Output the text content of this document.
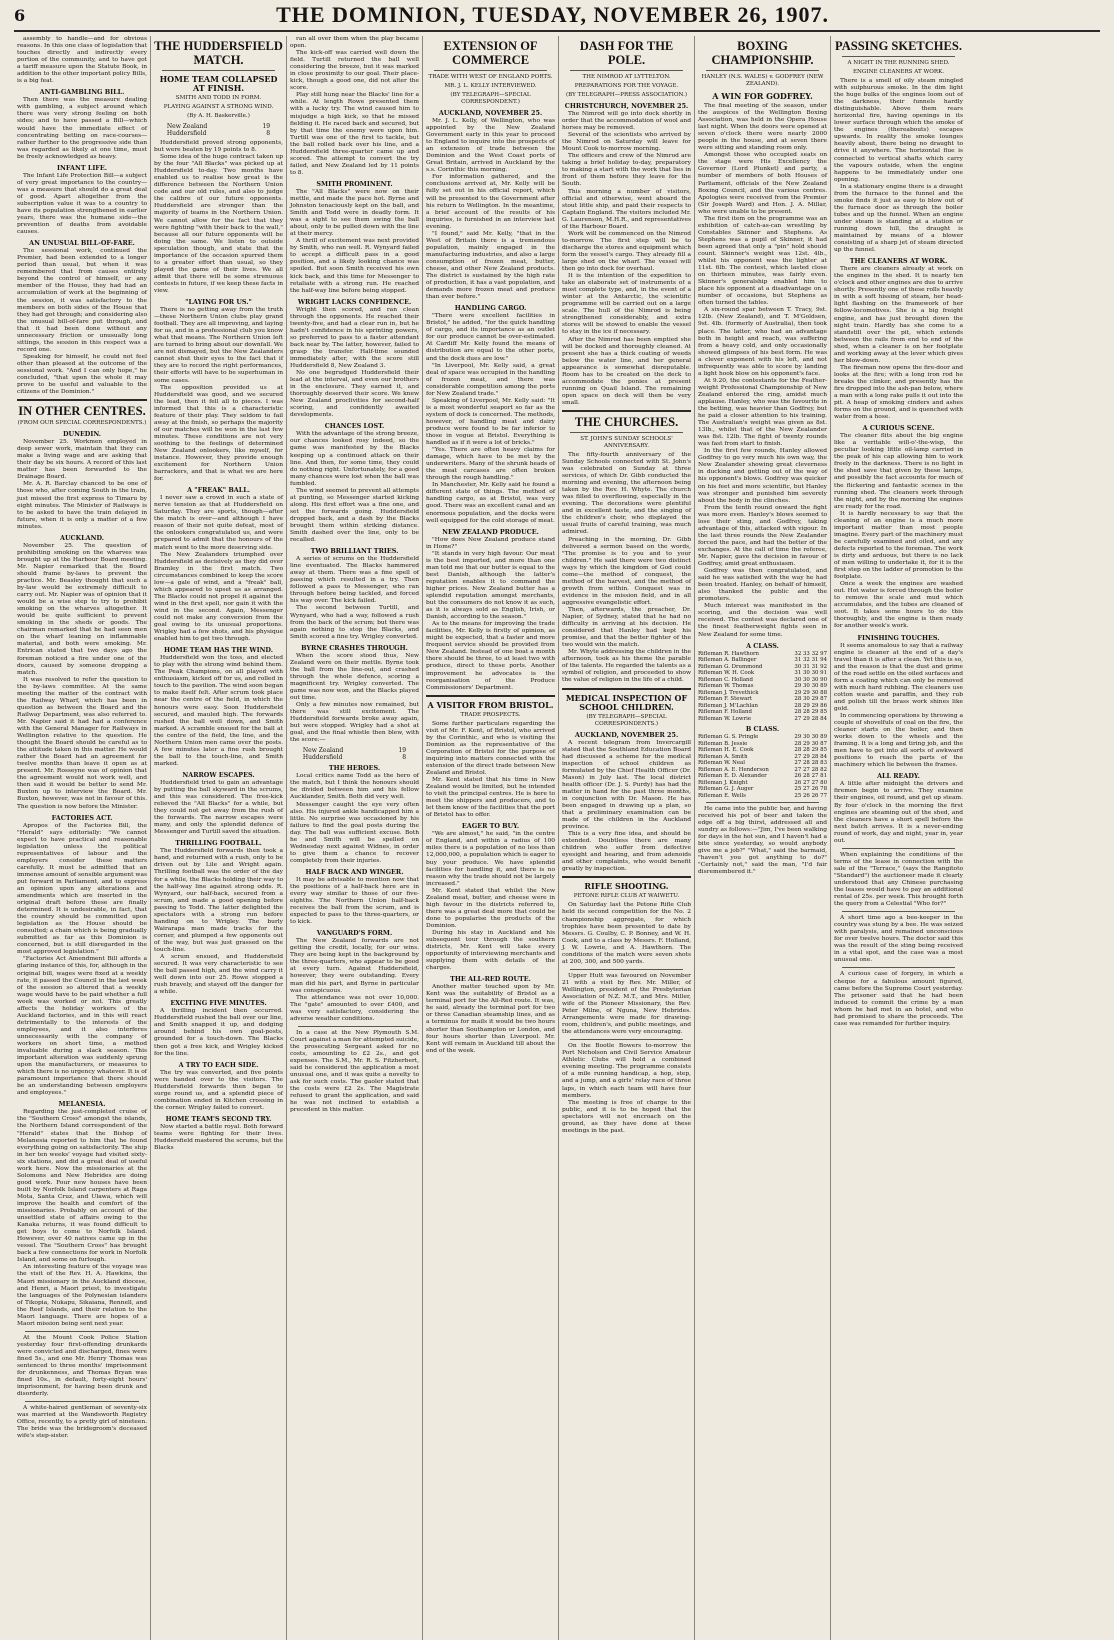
6	THE DOMINION, TUESDAY, NOVEMBER 26, 1907.

assembly to handle—and for obvious reasons. In this one class of legislation that touches directly and indirectly every portion of the community, and to have got a tariff measure upon the Statute Book, in addition to the other important policy Bills, is a big feat.

ANTI-GAMBLING BILL.

Then there was the measure dealing with gambling, a subject around which there was very strong feeling on both sides; and to have passed a Bill—which would have the immediate effect of concentrating betting on race-courses—rather further to the progressive side than was regarded as likely at one time, must be freely acknowledged as heavy.

INFANT LIFE.

The Infant Life Protection Bill—a subject of very great importance to the country—was a measure that should do a great deal of good. Apart altogether from the subscription value it was to a country to have its population strengthened in earlier years, there was the humane side—the prevention of deaths from avoidable causes.

AN UNUSUAL BILL-OF-FARE.

The sessional work, continued the Premier, had been extended to a longer period than usual, but when it was remembered that from causes entirely beyond the control of himself, or any member of the House, they had had an accumulation of work at the beginning of the session, it was satisfactory to the members on both sides of the House that they had got through; and considering also the unusual bill-of-fare put through, and that it had been done without any unnecessary friction or unusually long sittings, the session in this respect was a record one.

Speaking for himself, he could not feel other than pleased at the outcome of the sessional work. "And I can only hope," he concluded, "that upon the whole it may prove to be useful and valuable to the citizens of the Dominion."

IN OTHER CENTRES.
(FROM OUR SPECIAL CORRESPONDENTS.)
DUNEDIN.

November 25. Workmen employed in deep sewer work, maintain that they can make a living wage and are asking that their day be six hours. A record of this last matter has been forwarded to the Drainage Board.

Mr. A. R. Barclay chanced to be one of those who, after coming South in the train, just missed the first express to Timaru by eight minutes. The Minister of Railways is to be asked to have the train delayed in future, when it is only a matter of a few minutes.

AUCKLAND.

November 25. The question of prohibiting smoking on the wharves was brought up at the Harbour Board meeting. Mr. Napier remarked that the Board should frame by-laws to prevent the practice. Mr. Beasley thought that such a by-law would be extremely difficult to carry out. Mr. Napier was of opinion that it would be a wise step to try to prohibit smoking on the wharves altogether. It would be quite sufficient to prevent smoking in the sheds or goods. The chairman remarked that he had seen men on the wharf leaning on inflammable material, and both were smoking. Mr. Entrican stated that two days ago the foreman noticed a fire under one of the doors, caused by someone dropping a match.

It was resolved to refer the question to the by-laws committee. At the same meeting the matter of the contract with the Railway Wharf, which has been in question as between the Board and the Railway Department, was also referred to. Mr. Napier said it had had a conference with the General Manager for Railways in Wellington relative to the question. He thought the Board should be careful as to the attitude taken in this matter. He would rather the Board had an agreement for twelve months than leave it open as at present. Mr. Rosseyne was of opinion that the agreement would not work well, and then said it would be better to send Mr. Buxton up to interview the Board. Mr. Buxton, however, was not in favour of this. The question is now before the Minister.

FACTORIES ACT.

Apropos of the Factories Bill, the "Herald" says editorially: "We cannot expect to have practical and reasonable legislation unless the political representatives of labour and the employers consider these matters carefully. It must be admitted that an immense amount of sensible argument was put forward in Parliament, and to express an opinion upon any alterations and amendments which are inserted in the original draft before these are finally determined. It is undesirable, in fact, that the country should be committed upon legislation as the House should be consulted; a chain which is being gradually submitted as far as this Dominion is concerned, but is still disregarded in the most approved legislation."

"Factories Act Amendment Bill affords a glaring instance of this, for, although in the original bill, wages were fixed at a weekly rate, it passed the Council in the last week of the session so altered that a weekly wage would have to be paid whether a full week was worked or not. This greatly affects the holiday workers of the Auckland factories, and in this will react detrimentally to the interests of the employees, and it also interferes unnecessarily with the company of workers on short time, a method invaluable during a slack season. This important alteration was suddenly sprung upon the manufacturers, or measures to which there is no urgency whatever. It is of paramount importance that there should be an understanding between employers and employees."

MELANESIA.

Regarding the just-completed cruise of the "Southern Cross" amongst the islands, the Northern Island correspondent of the "Herald" states that the Bishop of Melanesia reported to him that he found everything going on satisfactorily. The ship in her ten weeks' voyage had visited sixty-six stations, and did a great deal of useful work here. Now the missionaries at the Solomons and New Hebrides are doing good work. Four new houses have been built by Norfolk Island carpenters at Raga Mota, Santa Cruz, and Ulawa, which will improve the health and comfort of the missionaries. Probably on account of the unsettled state of affairs owing to the Kanaka returns, it was found difficult to get boys to come to Norfolk Island. However, over 40 natives came up in the vessel. The "Southern Cross" has brought back a few connections for work in Norfolk Island, and some on furlough.

An interesting feature of the voyage was the visit of the Rev. H. A. Hawkins, the Maori missionary in the Auckland diocese, and Henri, a Maori priest, to investigate the languages of the Polynesian islanders of Tikopia, Nukapu, Sikaiana, Rennell, and the Reef Islands, and their relation to the Maori language. There are hopes of a Maori mission being sent next year.

At the Mount Cook Police Station yesterday four first-offending drunkards were convicted and discharged, fines were fined 5s., and one Mr. Henry Thomas was sentenced to three months' imprisonment for drunkenness, and Thomas Bryan was fined 10s., in default, forty-eight hours' imprisonment, for having been drunk and disorderly.

A white-haired gentleman of seventy-six was married at the Wandsworth Registry Office, recently, to a pretty girl of nineteen. The bride was the bridegroom's deceased wife's step-sister.

THE HUDDERSFIELD MATCH.
HOME TEAM COLLAPSED AT FINISH.
SMITH AND TODD IN FORM.
PLAYING AGAINST A STRONG WIND.
(By A. H. Baskerville.)
New Zealand	19
Huddersfield	8

Huddersfield proved strong opponents, but were beaten by 19 points to 8.

Some idea of the huge contract taken up by the four "All Blacks" was picked up at Huddersfield to-day. Two months have enabled us to realise how great is the difference between the Northern Union code and our old rules, and also to judge the calibre of our future opponents. Huddersfield are stronger than the majority of teams in the Northern Union. We cannot allow for the fact that they were fighting "with their back to the wall," because all our future opponents will be doing the same. We listen to outside speculation though, and state that the importance of the occasion spurred them to a greater effort than usual, so they played the game of their lives. We all admit that there will be some strenuous contests in future, if we keep these facts in view.

"LAYING FOR US."

There is no getting away from the truth—these Northern Union clubs play grand football. They are all improving, and laying for us, and in a professional club you know what that means. The Northern Union left are turned to bring about our downfall. We are not dismayed, but the New Zealanders cannot shut their eyes to the fact that if they are to record the right performances, their efforts will have to be superhuman in some cases.

The opposition provided us at Huddersfield was good, and we secured the lead, then it fell all to pieces. I was informed that this is a characteristic feature of their play. They seldom to fail away at the finish, so perhaps the majority of our matches will be won in the last few minutes. These conditions are not very soothing to the feelings of determined New Zealand onlookers, like myself, for instance. However, they provide enough excitement for Northern Union barrackers, and that is what we are here for.

A "FREAK" BALL.

I never saw a crowd in such a state of nerve tension as that at Huddersfield on Saturday. They are sports, though—after the match is over—and although I have reason of their not quite defeat, most of the onlookers congratulated us, and were prepared to admit that the honours of the match went to the more deserving side.

The New Zealanders triumphed over Huddersfield as decisively as they did over Bramley in the first match. Two circumstances combined to keep the score low—a gale of wind, and a "freak" ball, which appeared to upset us as arranged. The Blacks could not propel it against the wind in the first spell, nor gain it with the wind in the second. Again, Messenger could not make any conversion from the goal owing to its unusual proportions. Wrigley had a few shots, and his physique enabled him to get two through.

HOME TEAM HAS THE WIND.

Huddersfield won the toss, and elected to play with the strong wind behind them. The Peak Champions, on all played with enthusiasm, kicked off for us, and rolled in touch to the pavilion. The wind soon began to make itself felt. After scrum took place near the centre of the field, in which the honours were easy. Soon Huddersfield secured, and mauled high. The forwards rushed the ball well down, and Smith marked. A scramble ensued for the ball at the centre of the field, the line, and the Northern Union men came over the posts. A few minutes later a fine rush brought the ball to the touch-line, and Smith marked.

NARROW ESCAPES.

Huddersfield tried to gain an advantage by putting the ball skyward in the scrums, and this was considered. The free-kick relieved the "All Blacks" for a while, but they could not get away from the rush of the forwards. The narrow escapes were many, and only the splendid defence of Messenger and Turtill saved the situation.

THRILLING FOOTBALL.

The Huddersfield forwards then took a hand, and returned with a rush, only to be driven out by Lile and Wright again. Thrilling football was the order of the day for a while, the Blacks holding their way to the half-way line against strong odds. R. Wynyard, our half-back, secured from a scrum, and made a good opening before passing to Todd. The latter delighted the spectators with a strong run before handing on to Wrigley. The burly Wairarapa man made tracks for the corner, and plumped a few opponents out of the way, but was just grassed on the touch-line.

A scrum ensued, and Huddersfield secured. It was very characteristic to see the ball passed high, and the wind carry it well down into our 25. Rowe stopped a rush bravely, and stayed off the danger for a while.

EXCITING FIVE MINUTES.

A thrilling incident then occurred. Huddersfield rushed the ball over our line, and Smith snapped it up, and dodging around behind his own goal-posts, grounded for a touch-down. The Blacks then got a free kick, and Wrigley kicked for the line.

A TRY TO EACH SIDE.

The try was converted, and five points were handed over to the visitors. The Huddersfield forwards then began to surge round us, and a splendid piece of combination ended in Kitchen crossing in the corner. Wrigley failed to convert.

HOME TEAM'S SECOND TRY.

Now started a battle royal. Both forward teams were fighting for their lives. Huddersfield mastered the scrums, but the Blacks

ran all over them when the play became open.

The kick-off was carried well down the field. Turtill returned the ball well considering the breeze, but it was marked in close proximity to our goal. Their place-kick, though a good one, did not alter the score.

Play still hung near the Blacks' line for a while. At length Rowe presented them with a lucky try. The wind caused him to misjudge a high kick, so that he missed fielding it. He raced back and secured, but by that time the enemy were upon him. Turtill was one of the first to tackle, but the ball rolled back over his line, and a Huddersfield three-quarter came up and scored. The attempt to convert the try failed, and New Zealand led by 11 points to 8.

SMITH PROMINENT.

The "All Blacks" were now on their mettle, and made the pace hot. Byrne and Johnston tenaciously kept on the ball, and Smith and Todd were in deadly form. It was a sight to see them swing the ball about, only to be pulled down with the line at their mercy.

A thrill of excitement was next provided by Smith, who ran well. R. Wynyard failed to accept a difficult pass in a good position, and a likely looking chance was spoiled. But soon Smith received his own kick back, and this time for Messenger to retaliate with a strong run. He reached the half-way line before being stopped.

WRIGHT LACKS CONFIDENCE.

Wright then scored, and ran clean through the opponents. He reached their twenty-five, and had a clear run in, but he hadn't confidence in his sprinting powers, so preferred to pass to a faster attendant back near by. The latter, however, failed to grasp the transfer. Half-time sounded immediately after, with the score still Huddersfield 8, New Zealand 3.

No one begrudged Huddersfield their lead at the interval, and even our brothers in the enclosure. They earned it, and thoroughly deserved their score. We knew New Zealand proclivities for second-half scoring, and confidently awaited developments.

CHANCES LOST.

With the advantage of the strong breeze, our chances looked rosy indeed, so the game was manifested by the Blacks keeping up a continued attack on their line. And then, for some time, they could do nothing right. Unfortunately, for a good many chances were lost when the ball was fumbled.

The wind seemed to prevent all attempts at punting, so Messenger started kicking along. His first effort was a fine one, and set the forwards going. Huddersfield dropped back, and a dash by the Blacks brought them within striking distance. Smith dashed over the line, only to be recalled.

TWO BRILLIANT TRIES.

A series of scrums on the Huddersfield line eventuated. The Blacks hammered away at them. There was a fine spell of passing which resulted in a try. Then followed a pass to Messenger, who ran through before being tackled, and forced his way over. The kick failed.

The second between Turtill, and Wynyard, who had a way, followed a rush from the back of the scrum; but there was again nothing to stop the Blacks, and Smith scored a fine try. Wrigley converted.

BYRNE CRASHES THROUGH.

When the score stood thus, New Zealand were on their mettle. Byrne took the ball from the line-out, and crashed through the whole defence, scoring a magnificent try. Wrigley converted. The game was now won, and the Blacks played out time.

Only a few minutes now remained, but there was still excitement. The Huddersfield forwards broke away again, but were stopped. Wrigley had a shot at goal, and the final whistle then blew, with the score:—

New Zealand	19
Huddersfield	8
THE HEROES.

Local critics name Todd as the hero of the match, but I think the honours should be divided between him and his fellow Aucklander, Smith. Both did very well.

Messenger caught the eye very often also. His injured ankle handicapped him a little. No surprise was occasioned by his failure to find the goal posts during the day. The ball was sufficient excuse. Both he and Smith will be spelled on Wednesday next against Widnes, in order to give them a chance to recover completely from their injuries.

HALF BACK AND WINGER.

It may be advisable to mention now that the positions of a half-back here are in every way similar to those of our five-eighths. The Northern Union half-back receives the ball from the scrum, and is expected to pass to the three-quarters, or to kick.

VANGUARD'S FORM.

The New Zealand forwards are not getting the credit, locally, for our wins. They are being kept in the background by the three-quarters, who appear to be good at every turn. Against Huddersfield, however, they were outstanding. Every man did his part, and Byrne in particular was conspicuous.

The attendance was not over 10,000. The "gate" amounted to over £400, and was very satisfactory, considering the adverse weather conditions.

In a case at the New Plymouth S.M. Court against a man for attempted suicide, the prosecuting Sergeant asked for no costs, amounting to £2 2s., and got expenses. The S.M., Mr. R. S. Fitzherbert, said he considered the application a most unusual one, and it was quite a novelty to ask for such costs. The gaoler stated that the costs were £2 2s. The Magistrate refused to grant the application, and said he was not inclined to establish a precedent in this matter.

EXTENSION OF COMMERCE
TRADE WITH WEST OF ENGLAND PORTS.
MR. J. L. KELLY INTERVIEWED.
(BY TELEGRAPH—SPECIAL CORRESPONDENT.)
AUCKLAND, NOVEMBER 25.

Mr. J. L. Kelly, of Wellington, who was appointed by the New Zealand Government early in this year to proceed to England to inquire into the prospects of an extension of trade between the Dominion and the West Coast ports of Great Britain, arrived in Auckland by the s.s. Corinthic this morning.

For information gathered, and the conclusions arrived at, Mr. Kelly will be fully set out in his official report, which will be presented to the Government after his return to Wellington. In the meantime, a brief account of the results of his inquiries, is furnished in an interview last evening.

"I found," said Mr. Kelly, "that in the West of Britain there is a tremendous population, mainly engaged in the manufacturing industries, and also a large consumption of frozen meat, butter, cheese, and other New Zealand products. The district is sustained by the high rate of production, it has a vast population, and demands more frozen meat and produce than ever before."

HANDLING CARGO.

"There were excellent facilities in Bristol," he added, "for the quick handling of cargo, and its importance as an outlet for our produce cannot be over-estimated. At Cardiff Mr. Kelly found the means of distribution are equal to the other ports, and the dock dues are low."

"In Liverpool, Mr. Kelly said, a great deal of space was occupied in the handling of frozen meat, and there was considerable competition among the ports for New Zealand trade."

Speaking of Liverpool, Mr. Kelly said: "It is a most wonderful seaport so far as the system of dock is concerned. The methods, however, of handling meat and dairy produce were found to be far inferior to those in vogue at Bristol. Everything is handled as if it were a lot of bricks."

"Yes. There are often heavy claims for damage, which have to be met by the underwriters. Many of the shrunk heads of the meat carcases are often broken through the rough handling."

In Manchester, Mr. Kelly said he found a different state of things. The method of handling cargo, as at Bristol, was very good. There was an excellent canal and an enormous population, and the docks were well equipped for the cold storage of meat.

NEW ZEALAND PRODUCE.

"How does New Zealand produce stand in Home?"

"It stands in very high favour. Our meat is the best imported, and more than one man told me that our butter is equal to the best Danish, although the latter's reputation enables it to command the higher prices. New Zealand butter has a splendid reputation amongst merchants, but the consumers do not know it as such, as it is always sold as English, Irish, or Danish, according to the season."

As to the means for improving the trade facilities, Mr. Kelly is firstly of opinion, as might be expected, that a faster and more frequent service should be provided from New Zealand. Instead of one boat a month there should be three, to at least two with produce, direct to these ports. Another improvement he advocates is the reorganisation of the Produce Commissioners' Department.

A VISITOR FROM BRISTOL.
TRADE PROSPECTS.

Some further particulars regarding the visit of Mr. F. Kent, of Bristol, who arrived by the Corinthic, and who is visiting the Dominion as the representative of the Corporation of Bristol for the purpose of inquiring into matters connected with the extension of the direct trade between New Zealand and Bristol.

Mr. Kent stated that his time in New Zealand would be limited, but he intended to visit the principal centres. He is here to meet the shippers and producers, and to let them know of the facilities that the port of Bristol has to offer.

EAGER TO BUY.

"We are almost," he said, "in the centre of England, and within a radius of 100 miles there is a population of no less than 12,000,000, a population which is eager to buy your produce. We have splendid facilities for handling it, and there is no reason why the trade should not be largely increased."

Mr. Kent stated that whilst the New Zealand meat, butter, and cheese were in high favour in the districts referred to, there was a great deal more that could be done to popularise the products of the Dominion.

During his stay in Auckland and his subsequent tour through the southern districts, Mr. Kent will take every opportunity of interviewing merchants and supplying them with details of the charges.

THE ALL-RED ROUTE.

Another matter touched upon by Mr. Kent was the suitability of Bristol as a terminal port for the All-Red route. It was, he said, already the terminal port for two or three Canadian steamship lines, and as a terminus for mails it would be two hours shorter than Southampton or London, and four hours shorter than Liverpool. Mr. Kent will remain in Auckland till about the end of the week.

DASH FOR THE POLE.
THE NIMROD AT LYTTELTON.
PREPARATIONS FOR THE VOYAGE.
(BY TELEGRAPH—PRESS ASSOCIATION.)
CHRISTCHURCH, NOVEMBER 25.

The Nimrod will go into dock shortly in order that the accommodation of wool and horses may be removed.

Several of the scientists who arrived by the Nimrod on Saturday will leave for Mount Cook to-morrow morning.

The officers and crew of the Nimrod are taking a brief holiday to-day, preparatory to making a start with the work that lies in front of them before they leave for the South.

This morning a number of visitors, official and otherwise, went aboard the stout little ship, and paid their respects to Captain England. The visitors included Mr. G. Laurenson, M.H.R., and representatives of the Harbour Board.

Work will be commenced on the Nimrod to-morrow. The first step will be to discharge the stores and equipment which form the vessel's cargo. They already fill a large shed on the wharf. The vessel will then go into dock for overhaul.

It is the intention of the expedition to take an elaborate set of instruments of a most complete type, and, in the event of a winter at the Antarctic, the scientific programme will be carried out on a large scale. The hull of the Nimrod is being strengthened considerably, and extra stores will be stowed to enable the vessel to stay in the ice if necessary.

After the Nimrod has been emptied she will be docked and thoroughly cleaned. At present she has a thick coating of weeds below the water line, and her general appearance is somewhat disreputable. Room has to be created on the deck to accommodate the ponies at present running on Quail Island. The remaining open space on deck will then be very small.

THE CHURCHES.
ST. JOHN'S SUNDAY SCHOOLS' ANNIVERSARY.

The fifty-fourth anniversary of the Sunday Schools connected with St. John's was celebrated on Sunday at three services, of which Dr. Gibb conducted the morning and evening, the afternoon being taken by the Rev. H. Whyte. The church was filled to overflowing, especially in the evening. The decorations were plentiful and in excellent taste, and the singing of the children's choir, who displayed the usual fruits of careful training, was much admired.

Preaching in the morning, Dr. Gibb delivered a sermon based on the words, "The promise is to you and to your children." He said there were two distinct ways by which the kingdom of God could come—the method of conquest, the method of the harvest, and the method of growth from within. Conquest was in evidence in the mission field, and in all aggressive evangelistic effort.

Then, afterwards, the preacher, Dr. Napier, of Sydney, stated that he had no difficulty in arriving at his decision. He considered that Hanley had kept his promise, and that the better fighter of the two would win the match.

Mr. Whyte addressing the children in the afternoon, took as his theme the parable of the talents. He regarded the talents as a symbol of religion, and proceeded to show the value of religion in the life of a child.

MEDICAL INSPECTION OF SCHOOL CHILDREN.
(BY TELEGRAPH—SPECIAL CORRESPONDENTS.)
AUCKLAND, NOVEMBER 25.

A recent telegram from Invercargill stated that the Southland Education Board had discussed a scheme for the medical inspection of school children as formulated by the Chief Health Officer (Dr. Mason) in July last. The local district health officer (Dr. J. S. Purdy) has had the matter in hand for the past three months, in conjunction with Dr. Mason. He has been engaged in drawing up a plan, so that a preliminary examination can be made of the children in the Auckland province.

This is a very fine idea, and should be extended. Doubtless there are many children who suffer from defective eyesight and hearing, and from adenoids and other complaints, who would benefit greatly by inspection.

RIFLE SHOOTING.
PETONE RIFLE CLUB AT WAIWETU.

On Saturday last the Petone Rifle Club held its second competition for the No. 2 championship aggregate, for which trophies have been presented to date by Messrs. G. Coulby, C. P. Bonney, and W. H. Cook, and to a class by Messrs. F. Holland, J. W. Lowrie, and A. Hawthorn. The conditions of the match were seven shots at 200, 300, and 500 yards.

Upper Hutt was favoured on November 21 with a visit by Rev. Mr. Miller, of Wellington, president of the Presbyterian Association of N.Z. M.T., and Mrs. Miller, wife of the Pioneer Missionary, the Rev. Peter Milne, of Nguna, New Hebrides. Arrangements were made for drawing-room, children's, and public meetings, and the attendances were very encouraging.

On the Bootle Bowers to-morrow the Port Nicholson and Civil Service Amateur Athletic Clubs will hold a combined evening meeting. The programme consists of a mile running handicap, a hop, step, and a jump, and a girls' relay race of three laps, in which each team will have four members.

The meeting is free of charge to the public, and it is to be hoped that the spectators will not encroach on the ground, as they have done at these meetings in the past.

BOXING CHAMPIONSHIP.
HANLEY (N.S. WALES) v. GODFREY (NEW ZEALAND).
A WIN FOR GODFREY.

The final meeting of the season, under the auspices of the Wellington Boxing Association, was held in the Opera House last night. When the doors were opened at seven o'clock there were nearly 2000 people in the house, and at seven there were sitting and standing room only.

Amongst those who occupied seats on the stage were His Excellency the Governor (Lord Plunket) and party, a number of members of both Houses of Parliament, officials of the New Zealand Boxing Council, and the various centres. Apologies were received from the Premier (Sir Joseph Ward) and Hon. J. A. Millar, who were unable to be present.

The first item on the programme was an exhibition of catch-as-can wrestling by Constables Skinner and Stephens. As Stephens was a pupil of Skinner, it had been agreed that only a "pin" hold should count. Skinner's weight was 12st. 4lb., whilst his opponent was the lighter at 11st. 6lb. The contest, which lasted close on thirteen minutes, was fairly even. Skinner's generalship enabled him to place his opponent at a disadvantage on a number of occasions, but Stephens as often turned the tables.

A six-round spar between T. Tracy, 9st. 12lb. (New Zealand), and T. M'Goldsen, 9st. 4lb. (formerly of Australia), then took place. The latter, who had an advantage both in height and reach, was suffering from a heavy cold, and only occasionally showed glimpses of his best form. He was a clever exponent with his left, and not infrequently was able to score by landing a light hook blow on his opponent's face.

At 9.20, the contestants for the Feather-weight Professional Championship of New Zealand entered the ring, amidst much applause. Hanley, who was the favourite in the betting, was heavier than Godfrey, but he paid a closer attention to his training. The Australian's weight was given as 8st. 13lb., whilst that of the New Zealander was 8st. 12lb. The fight of twenty rounds was fast from start to finish.

In the first few rounds, Hanley allowed Godfrey to go very much his own way, the New Zealander showing great cleverness in ducking and getting out of the way of his opponent's blows. Godfrey was quicker on his feet and more scientific, but Hanley was stronger and punished him severely about the body in the clinches.

From the tenth round onward the fight was more even. Hanley's blows seemed to lose their sting, and Godfrey, taking advantage of this, attacked with vigour. In the last three rounds the New Zealander forced the pace, and had the better of the exchanges. At the call of time the referee, Mr. Napier, gave the decision in favour of Godfrey, amid great enthusiasm.

Godfrey was then congratulated, and said he was satisfied with the way he had been treated. Hanley, on behalf of himself, also thanked the public and the promoters.

Much interest was manifested in the scoring, and the decision was well received. The contest was declared one of the finest featherweight fights seen in New Zealand for some time.

A CLASS.
Rifleman R. Hawthorn	32 33 32 97
Rifleman A. Ballinger	31 32 31 94
Rifleman G. Drummond	30 31 31 92
Rifleman W. H. Cook	31 30 30 91
Rifleman C. Holland	30 30 30 90
Rifleman W. Thomas	29 30 30 89
Rifleman J. Trevethick	29 29 30 88
Rifleman F. Stewart	28 30 29 87
Rifleman J. M'Lachlan	28 29 29 86
Rifleman F. Holland	28 28 29 85
Rifleman W. Lowrie	27 29 28 84
B CLASS.
Rifleman G. S. Pringle	29 30 30 89
Rifleman B. Jessie	28 29 30 87
Rifleman H. E. Cook	28 28 29 85
Rifleman A. Smith	27 29 28 84
Rifleman W. Neal	27 28 28 83
Rifleman A. E. Henderson	27 27 28 82
Rifleman E. D. Alexander	26 28 27 81
Rifleman J. Knight	26 27 27 80
Rifleman G. J. Auger	25 27 26 78
Rifleman E. Wells	25 26 26 77

He came into the public bar, and having received his pot of beer and taken the edge off a big thirst, addressed all and sundry as follows:—"Jim, I've been walking for days in the hot sun, and I haven't had a bite since yesterday, so would anybody give me a job?" "What," said the barmaid, "haven't you got anything to do?" "Certainly not," said the man, "I'd fair disremembered it."

PASSING SKETCHES.
A NIGHT IN THE RUNNING SHED.
ENGINE CLEANERS AT WORK.

There is a smell of oily steam mingled with sulphurous smoke. In the dim light the huge bulks of the engines loom out of the darkness, their funnels hardly distinguishable. Above them rears horizontal fire, having openings in its lower surface through which the smoke of the engines (thereabouts) escapes upwards. In reality the smoke lounges heavily about, there being no draught to drive it anywhere. The horizontal flue is connected to vertical shafts which carry the vapours outside, when the engine happens to be immediately under one opening.

In a stationary engine there is a draught from the furnace to the funnel and the smoke finds it just as easy to blow out of the furnace door as through the boiler tubes and up the funnel. When an engine under steam is standing at a station or running down hill, the draught is maintained by means of a blower consisting of a sharp jet of steam directed up the funnel.

THE CLEANERS AT WORK.

There are cleaners already at work on the engines in the shed. It is nearly ten o'clock and other engines are due to arrive shortly. Presently one of these rolls heavily in with a soft hissing of steam, her head-light flashing on the framework of her fellow-locomotives. She is a big freight engine, and has just brought down the night train. Hardly has she come to a standstill over the pit, which extends between the rails from end to end of the shed, when a cleaner is on her footplate and working away at the lever which gives her blow-down.

The fireman now opens the fire-door and looks at the fire; with a long iron rod he breaks the clinker, and presently has the fire dropped into the ash-pan below, where a man with a long rake pulls it out into the pit. A heap of smoking cinders and ashes forms on the ground, and is quenched with water from a hose.

A CURIOUS SCENE.

The cleaner flits about the big engine like a veritable will-o'-the-wisp, the peculiar looking little oil-lamp carried in the peak of his cap allowing him to work freely in the darkness. There is no light in the shed save that given by these lamps, and possibly the fact accounts for much of the flickering and fantastic scenes in the running shed. The cleaners work through the night, and by the morning the engines are ready for the road.

It is hardly necessary to say that the cleaning of an engine is a much more important matter than most people imagine. Every part of the machinery must be carefully examined and oiled, and any defects reported to the foreman. The work is dirty and arduous, but there is no lack of men willing to undertake it, for it is the first step on the ladder of promotion to the footplate.

Once a week the engines are washed out. Hot water is forced through the boiler to remove the scale and mud which accumulates, and the tubes are cleaned of soot. It takes some hours to do this thoroughly, and the engine is then ready for another week's work.

FINISHING TOUCHES.

It seems anomalous to say that a railway engine is cleaner at the end of a day's travel than it is after a clean. Yet this is so, and the reason is that the dust and grime of the road settle on the oiled surfaces and form a coating which can only be removed with much hard rubbing. The cleaners use cotton waste and paraffin, and they rub and polish till the brass work shines like gold.

In commencing operations by throwing a couple of shovelfuls of coal on the fire, the cleaner starts on the boiler, and then works down to the wheels and the framing. It is a long and tiring job, and the men have to get into all sorts of awkward positions to reach the parts of the machinery which lie between the frames.

ALL READY.

A little after midnight the drivers and firemen begin to arrive. They examine their engines, oil round, and get up steam. By four o'clock in the morning the first engines are steaming out of the shed, and the cleaners have a short spell before the next batch arrives. It is a never-ending round of work, day and night, year in, year out.

When explaining the conditions of the terms of the lease in connection with the sale of the "Terrace," (says the Rangitoto "Standard") the auctioneer made it clearly understood that any Chinese purchasing the leases would have to pay an additional rental of 25s. per week. This brought forth the query from a Celestial "Who for?"

A short time ago a bee-keeper in the country was stung by a bee. He was seized with paralysis, and remained unconscious for over twelve hours. The doctor said this was the result of the sting being received in a vital spot, and the case was a most unusual one.

A curious case of forgery, in which a cheque for a fabulous amount figured, came before the Supreme Court yesterday. The prisoner said that he had been induced to commit the crime by a man whom he had met in an hotel, and who had promised to share the proceeds. The case was remanded for further inquiry.
